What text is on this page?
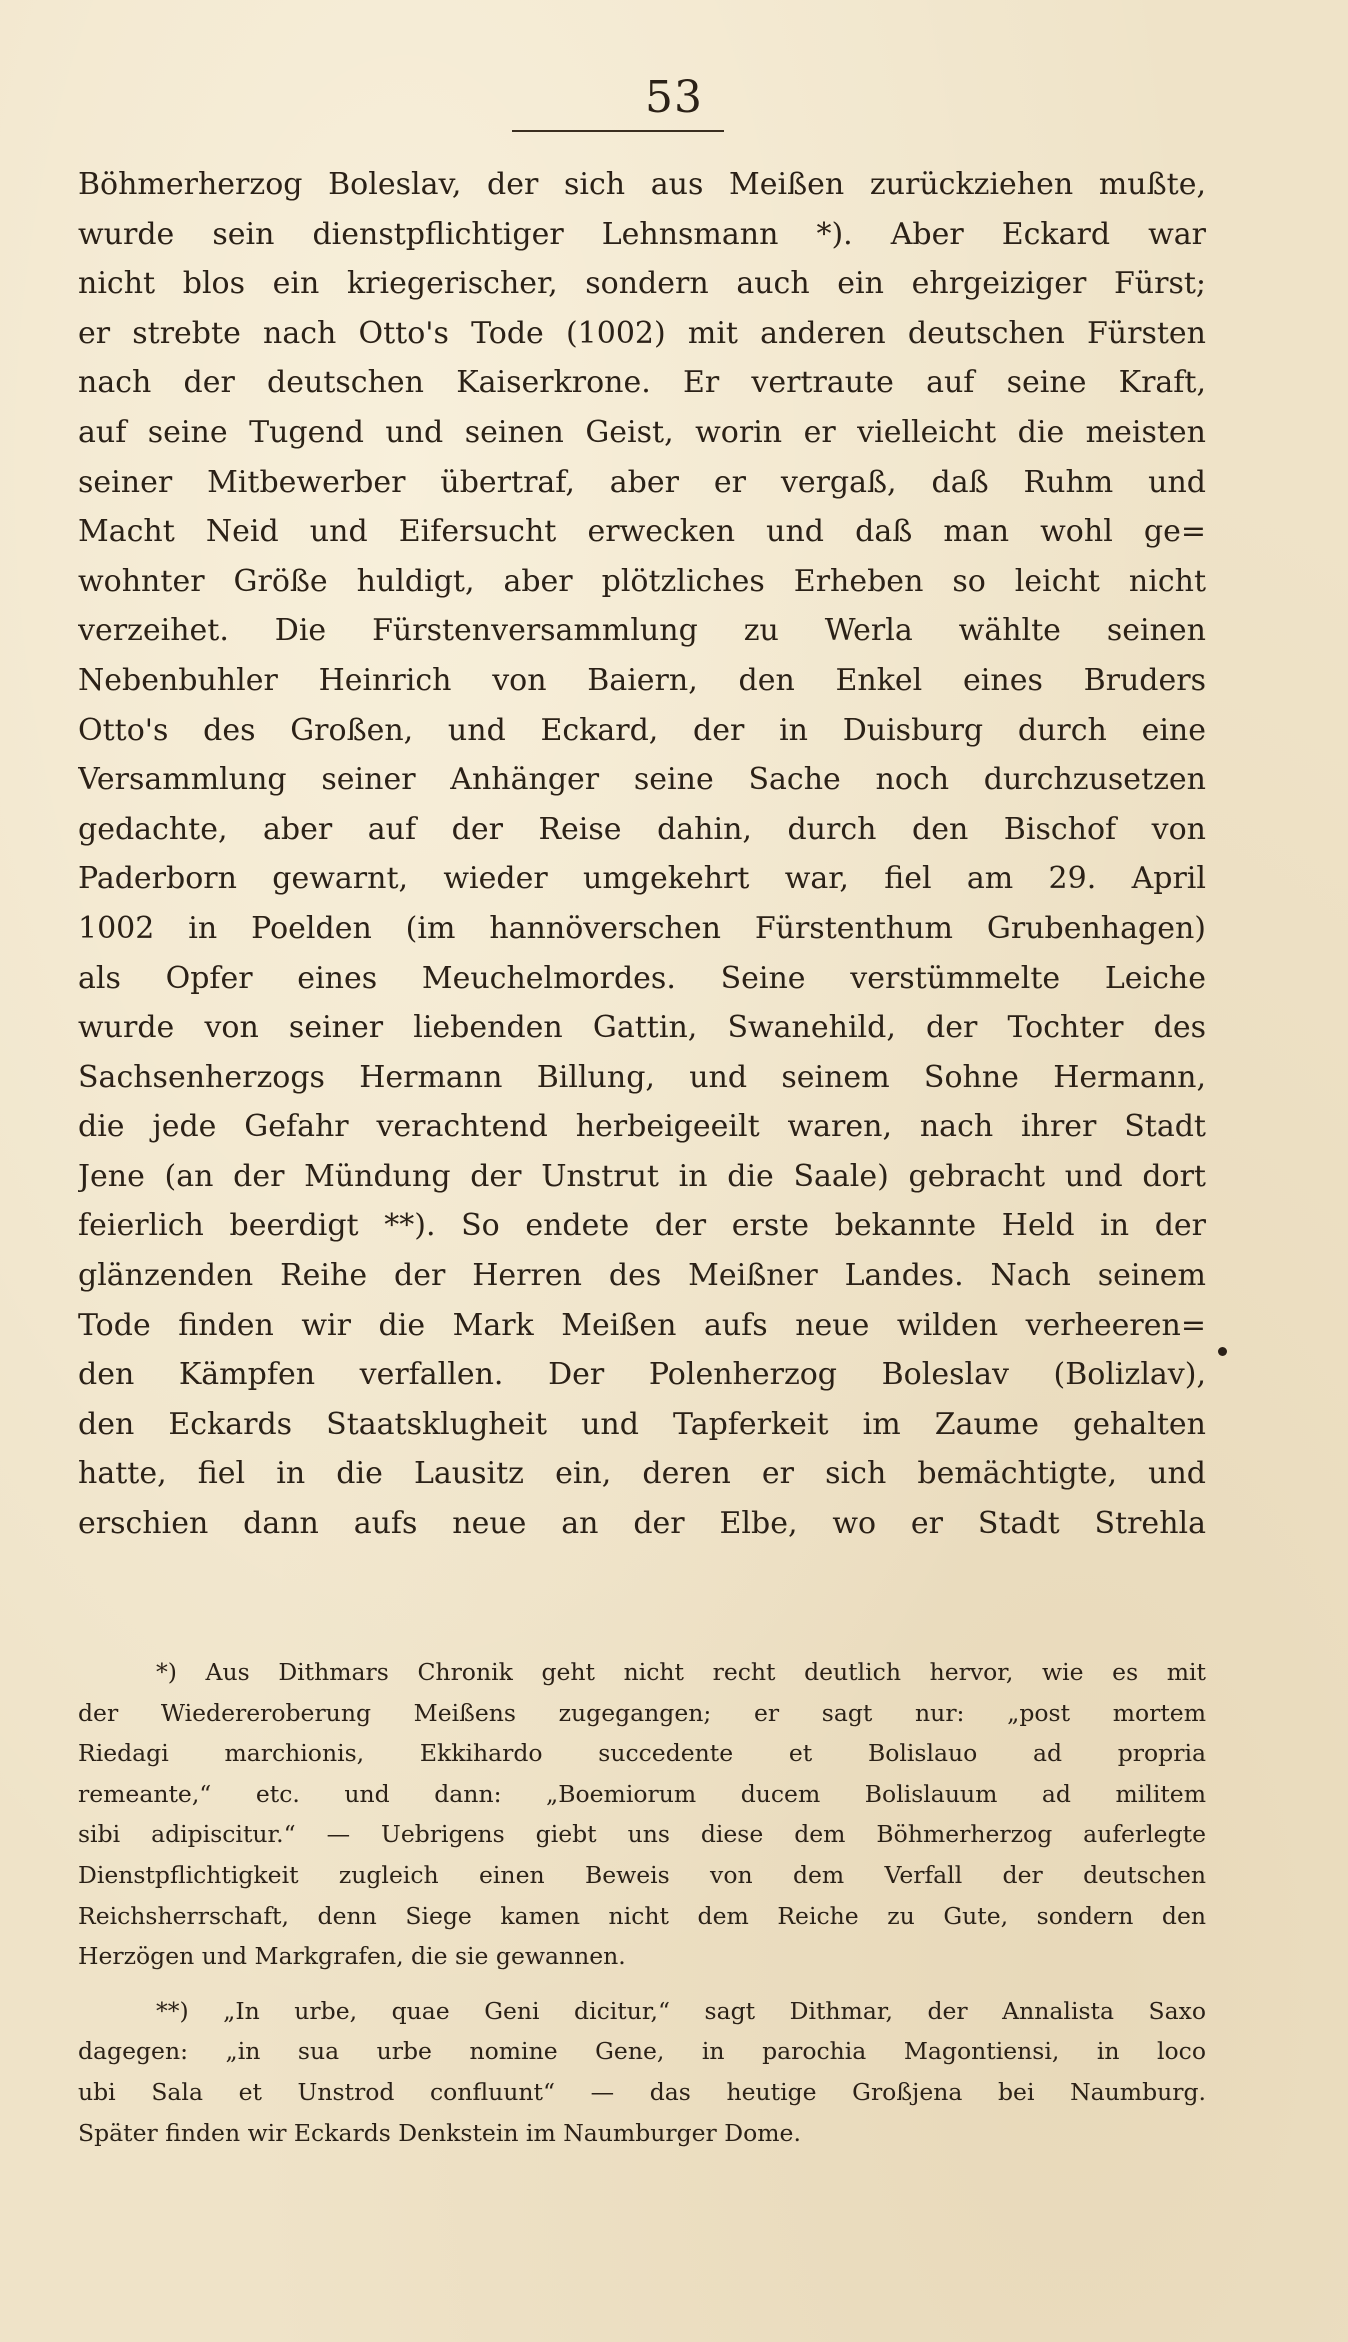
53
Böhmerherzog Boleslav, der sich aus Meißen zurückziehen mußte,
wurde sein dienstpflichtiger Lehnsmann *). Aber Eckard war
nicht blos ein kriegerischer, sondern auch ein ehrgeiziger Fürst;
er strebte nach Otto's Tode (1002) mit anderen deutschen Fürsten
nach der deutschen Kaiserkrone. Er vertraute auf seine Kraft,
auf seine Tugend und seinen Geist, worin er vielleicht die meisten
seiner Mitbewerber übertraf, aber er vergaß, daß Ruhm und
Macht Neid und Eifersucht erwecken und daß man wohl ge=
wohnter Größe huldigt, aber plötzliches Erheben so leicht nicht
verzeihet. Die Fürstenversammlung zu Werla wählte seinen
Nebenbuhler Heinrich von Baiern, den Enkel eines Bruders
Otto's des Großen, und Eckard, der in Duisburg durch eine
Versammlung seiner Anhänger seine Sache noch durchzusetzen
gedachte, aber auf der Reise dahin, durch den Bischof von
Paderborn gewarnt, wieder umgekehrt war, fiel am 29. April
1002 in Poelden (im hannöverschen Fürstenthum Grubenhagen)
als Opfer eines Meuchelmordes. Seine verstümmelte Leiche
wurde von seiner liebenden Gattin, Swanehild, der Tochter des
Sachsenherzogs Hermann Billung, und seinem Sohne Hermann,
die jede Gefahr verachtend herbeigeeilt waren, nach ihrer Stadt
Jene (an der Mündung der Unstrut in die Saale) gebracht und dort
feierlich beerdigt **). So endete der erste bekannte Held in der
glänzenden Reihe der Herren des Meißner Landes. Nach seinem
Tode finden wir die Mark Meißen aufs neue wilden verheeren=
den Kämpfen verfallen. Der Polenherzog Boleslav (Bolizlav),
den Eckards Staatsklugheit und Tapferkeit im Zaume gehalten
hatte, fiel in die Lausitz ein, deren er sich bemächtigte, und
erschien dann aufs neue an der Elbe, wo er Stadt Strehla
*) Aus Dithmars Chronik geht nicht recht deutlich hervor, wie es mit
der Wiedereroberung Meißens zugegangen; er sagt nur: „post mortem
Riedagi marchionis, Ekkihardo succedente et Bolislauo ad propria
remeante,“ etc. und dann: „Boemiorum ducem Bolislauum ad militem
sibi adipiscitur.“ — Uebrigens giebt uns diese dem Böhmerherzog auferlegte
Dienstpflichtigkeit zugleich einen Beweis von dem Verfall der deutschen
Reichsherrschaft, denn Siege kamen nicht dem Reiche zu Gute, sondern den
Herzögen und Markgrafen, die sie gewannen.
**) „In urbe, quae Geni dicitur,“ sagt Dithmar, der Annalista Saxo
dagegen: „in sua urbe nomine Gene, in parochia Magontiensi, in loco
ubi Sala et Unstrod confluunt“ — das heutige Großjena bei Naumburg.
Später finden wir Eckards Denkstein im Naumburger Dome.
